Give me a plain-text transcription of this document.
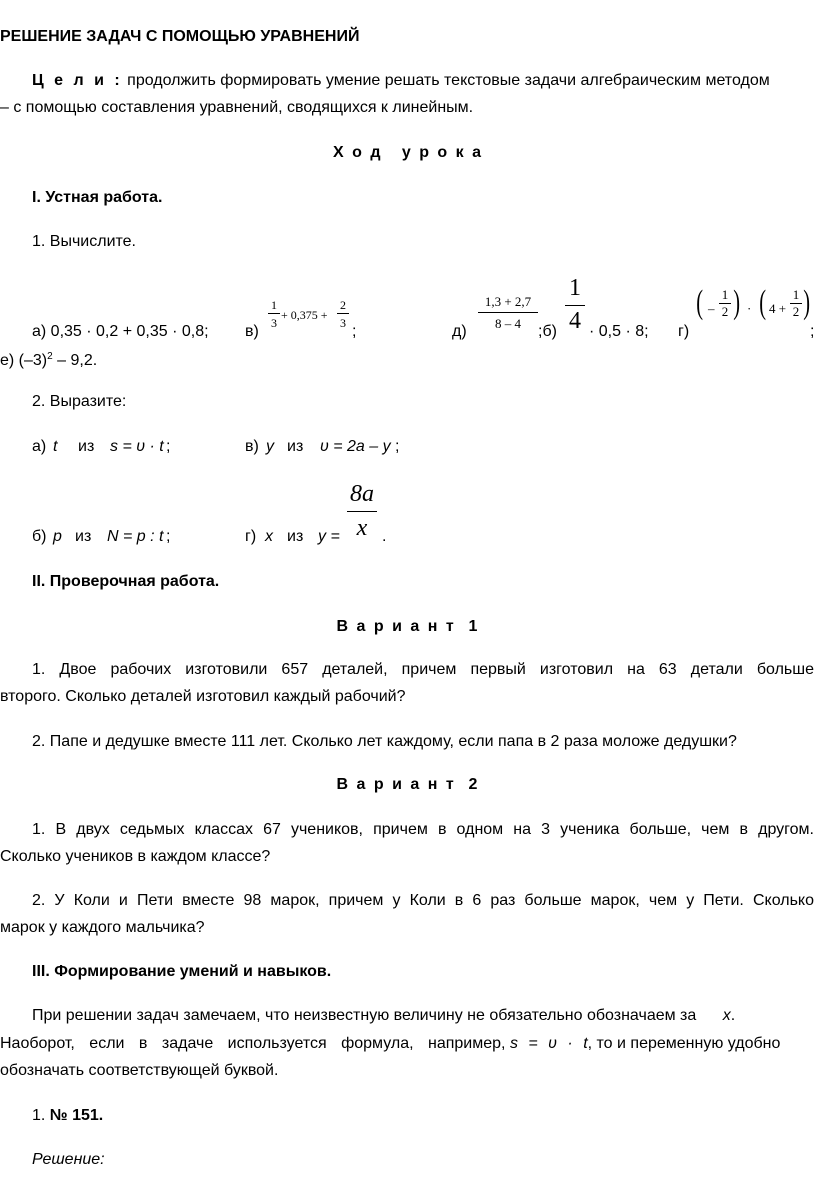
РЕШЕНИЕ ЗАДАЧ С ПОМОЩЬЮ УРАВНЕНИЙ
Ц е л и : продолжить формировать умение решать текстовые задачи алгебраическим методом
– с помощью составления уравнений, сводящихся к линейным.
Х о д   у р о к а
I. Устная работа.
1. Вычислите.
а) 0,35 · 0,2 + 0,35 · 0,8; в)
1
3
+ 0,375 +
2
3 ;	д)
1,3 + 2,7
8 – 4	;б)
1
4 · 0,5 · 8; г)
( –
1
2 ) · ( 4 +
1
2 )
;
е) $(-3)^2 - 9,2$.
2. Выразите:
а) t из s = υ · t ;	в) y из υ = 2a – y ;
б) p из N = p : t ;	г) x из y =
8a
x .
II. Проверочная работа.
В а р и а н т  1
1. Двое рабочих изготовили 657 деталей, причем первый изготовил на 63 детали больше
второго. Сколько деталей изготовил каждый рабочий?
2. Папе и дедушке вместе 111 лет. Сколько лет каждому, если папа в 2 раза моложе дедушки?
В а р и а н т  2
1. В двух седьмых классах 67 учеников, причем в одном на 3 ученика больше, чем в другом.
Сколько учеников в каждом классе?
2. У Коли и Пети вместе 98 марок, причем у Коли в 6 раз больше марок, чем у Пети. Сколько
марок у каждого мальчика?
III. Формирование умений и навыков.
При решении задач замечаем, что неизвестную величину не обязательно обозначаем за x.
Наоборот, если в задаче используется формула, например, s = υ · t, то и переменную удобно
обозначать соответствующей буквой.
1. № 151.
Решение:
